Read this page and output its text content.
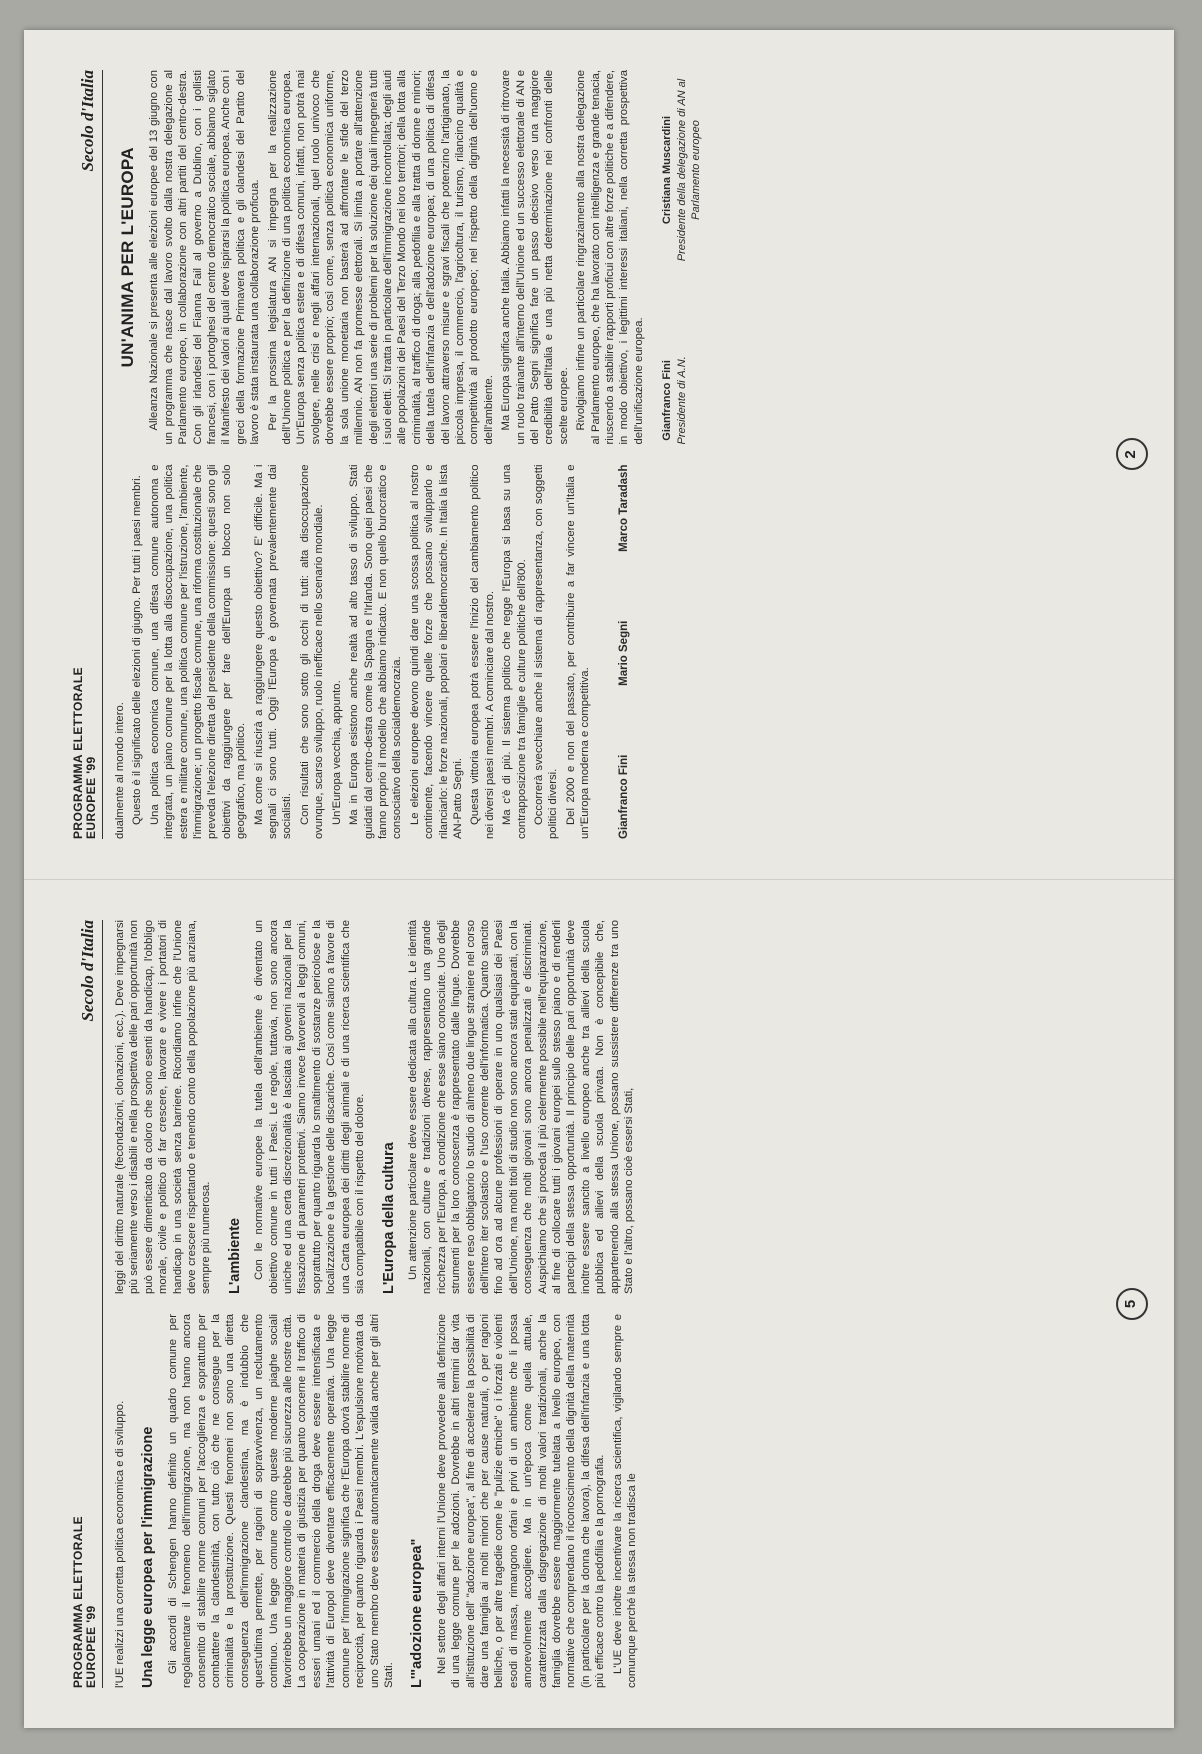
PROGRAMMA ELETTORALE EUROPEE '99
Secolo d'Italia

l'UE realizzi una corretta politica economica e di sviluppo. Una legge europea per l'immigrazione Gli accordi di Schengen hanno definito un quadro comune per regolamentare il fenomeno dell'immigrazione, ma non hanno ancora consentito di stabilire norme comuni per l'accoglienza e soprattutto per combattere la clandestinità, con tutto ciò che ne consegue per la criminalità e la prostituzione. Questi fenomeni non sono una diretta conseguenza dell'immigrazione clandestina, ma è indubbio che quest'ultima permette, per ragioni di sopravvivenza, un reclutamento continuo. Una legge comune contro queste moderne piaghe sociali favorirebbe un maggiore controllo e darebbe più sicurezza alle nostre città. La cooperazione in materia di giustizia per quanto concerne il traffico di esseri umani ed il commercio della droga deve essere intensificata e l'attività di Europol deve diventare efficacemente operativa. Una legge comune per l'immigrazione significa che l'Europa dovrà stabilire norme di reciprocità, per quanto riguarda i Paesi membri. L'espulsione motivata da uno Stato membro deve essere automaticamente valida anche per gli altri Stati. L'"adozione europea" Nel settore degli affari interni l'Unione deve provvedere alla definizione di una legge comune per le adozioni. Dovrebbe in altri termini dar vita all'istituzione dell' "adozione europea", al fine di accelerare la possibilità di dare una famiglia ai molti minori che per cause naturali, o per ragioni belliche, o per altre tragedie come le "pulizie etniche" o i forzati e violenti esodi di massa, rimangono orfani e privi di un ambiente che li possa amorevolmente accogliere. Ma in un'epoca come quella attuale, caratterizzata dalla disgregazione di molti valori tradizionali, anche la famiglia dovrebbe essere maggiormente tutelata a livello europeo, con normative che comprendano il riconoscimento della dignità della maternità (in particolare per la donna che lavora), la difesa dell'infanzia e una lotta più efficace contro la pedofilia e la pornografia. L'UE deve inoltre incentivare la ricerca scientifica, vigilando sempre e comunque perché la stessa non tradisca le

leggi del diritto naturale (fecondazioni, clonazioni, ecc.). Deve impegnarsi più seriamente verso i disabili e nella prospettiva delle pari opportunità non può essere dimenticato da coloro che sono esenti da handicap, l'obbligo morale, civile e politico di far crescere, lavorare e vivere i portatori di handicap in una società senza barriere. Ricordiamo infine che l'Unione deve crescere rispettando e tenendo conto della popolazione più anziana, sempre più numerosa. L'ambiente Con le normative europee la tutela dell'ambiente è diventato un obiettivo comune in tutti i Paesi. Le regole, tuttavia, non sono ancora uniche ed una certa discrezionalità è lasciata ai governi nazionali per la fissazione di parametri protettivi. Siamo invece favorevoli a leggi comuni, soprattutto per quanto riguarda lo smaltimento di sostanze pericolose e la localizzazione e la gestione delle discariche. Così come siamo a favore di una Carta europea dei diritti degli animali e di una ricerca scientifica che sia compatibile con il rispetto del dolore. L'Europa della cultura Un attenzione particolare deve essere dedicata alla cultura. Le identità nazionali, con culture e tradizioni diverse, rappresentano una grande ricchezza per l'Europa, a condizione che esse siano conosciute. Uno degli strumenti per la loro conoscenza è rappresentato dalle lingue. Dovrebbe essere reso obbligatorio lo studio di almeno due lingue straniere nel corso dell'intero iter scolastico e l'uso corrente dell'informatica. Quanto sancito fino ad ora ad alcune professioni di operare in uno qualsiasi dei Paesi dell'Unione, ma molti titoli di studio non sono ancora stati equiparati, con la conseguenza che molti giovani sono ancora penalizzati e discriminati. Auspichiamo che si proceda il più celermente possibile nell'equiparazione, al fine di collocare tutti i giovani europei sullo stesso piano e di renderli partecipi della stessa opportunità. Il principio delle pari opportunità deve inoltre essere sancito a livello europeo anche tra allievi della scuola pubblica ed allievi della scuola privata. Non è concepibile che, appartenendo alla stessa Unione, possano sussistere differenze tra uno Stato e l'altro, possano cioè essersi Stati,

5
PROGRAMMA ELETTORALE EUROPEE '99
Secolo d'Italia

dualmente al mondo intero. Questo è il significato delle elezioni di giugno. Per tutti i paesi membri. Una politica economica comune, una difesa comune autonoma e integrata, un piano comune per la lotta alla disoccupazione, una politica estera e militare comune, una politica comune per l'istruzione, l'ambiente, l'immigrazione; un progetto fiscale comune, una riforma costituzionale che preveda l'elezione diretta del presidente della commissione: questi sono gli obiettivi da raggiungere per fare dell'Europa un blocco non solo geografico, ma politico. Ma come si riuscirà a raggiungere questo obiettivo? E' difficile. Ma i segnali ci sono tutti. Oggi l'Europa è governata prevalentemente dai socialisti. Con risultati che sono sotto gli occhi di tutti: alta disoccupazione ovunque, scarso sviluppo, ruolo inefficace nello scenario mondiale. Un'Europa vecchia, appunto. Ma in Europa esistono anche realtà ad alto tasso di sviluppo. Stati guidati dal centro-destra come la Spagna e l'Irlanda. Sono quei paesi che fanno proprio il modello che abbiamo indicato. E non quello burocratico e consociativo della socialdemocrazia. Le elezioni europee devono quindi dare una scossa politica al nostro continente, facendo vincere quelle forze che possano svilupparlo e rilanciarlo: le forze nazionali, popolari e liberaldemocratiche. In Italia la lista AN-Patto Segni. Questa vittoria europea potrà essere l'inizio del cambiamento politico nei diversi paesi membri. A cominciare dal nostro. Ma c'è di più. Il sistema politico che regge l'Europa si basa su una contrapposizione tra famiglie e culture politiche dell'800. Occorrerà svecchiare anche il sistema di rappresentanza, con soggetti politici diversi. Del 2000 e non del passato, per contribuire a far vincere un'Italia e un'Europa moderna e competitiva. Gianfranco Fini
Mario Segni
Marco Taradash
UN'ANIMA PER L'EUROPA Alleanza Nazionale si presenta alle elezioni europee del 13 giugno con un programma che nasce dal lavoro svolto dalla nostra delegazione al Parlamento europeo, in collaborazione con altri partiti del centro-destra. Con gli irlandesi del Fianna Fail al governo a Dublino, con i gollisti francesi, con i portoghesi del centro democratico sociale, abbiamo siglato il Manifesto dei valori ai quali deve ispirarsi la politica europea. Anche con i greci della formazione Primavera politica e gli olandesi del Partito del lavoro è stata instaurata una collaborazione proficua. Per la prossima legislatura AN si impegna per la realizzazione dell'Unione politica e per la definizione di una politica economica europea. Un'Europa senza politica estera e di difesa comuni, infatti, non potrà mai svolgere, nelle crisi e negli affari internazionali, quel ruolo univoco che dovrebbe essere proprio; così come, senza politica economica uniforme, la sola unione monetaria non basterà ad affrontare le sfide del terzo millennio. AN non fa promesse elettorali. Si limita a portare all'attenzione degli elettori una serie di problemi per la soluzione dei quali impegnerà tutti i suoi eletti. Si tratta in particolare dell'immigrazione incontrollata; degli aiuti alle popolazioni dei Paesi del Terzo Mondo nei loro territori; della lotta alla criminalità, al traffico di droga; alla pedofilia e alla tratta di donne e minori; della tutela dell'infanzia e dell'adozione europea; di una politica di difesa del lavoro attraverso misure e sgravi fiscali che potenzino l'artigianato, la piccola impresa, il commercio, l'agricoltura, il turismo, rilancino qualità e competitività al prodotto europeo; nel rispetto della dignità dell'uomo e dell'ambiente. Ma Europa significa anche Italia. Abbiamo infatti la necessità di ritrovare un ruolo trainante all'interno dell'Unione ed un successo elettorale di AN e del Patto Segni significa fare un passo decisivo verso una maggiore credibilità dell'Italia e una più netta determinazione nei confronti delle scelte europee. Rivolgiamo infine un particolare ringraziamento alla nostra delegazione al Parlamento europeo, che ha lavorato con intelligenza e grande tenacia, riuscendo a stabilire rapporti proficui con altre forze politiche e a difendere, in modo obiettivo, i legittimi interessi italiani, nella corretta prospettiva dell'unificazione europea. Gianfranco Fini Presidente di A.N.
Cristiana Muscardini Presidente della delegazione di AN al Parlamento europeo
2
